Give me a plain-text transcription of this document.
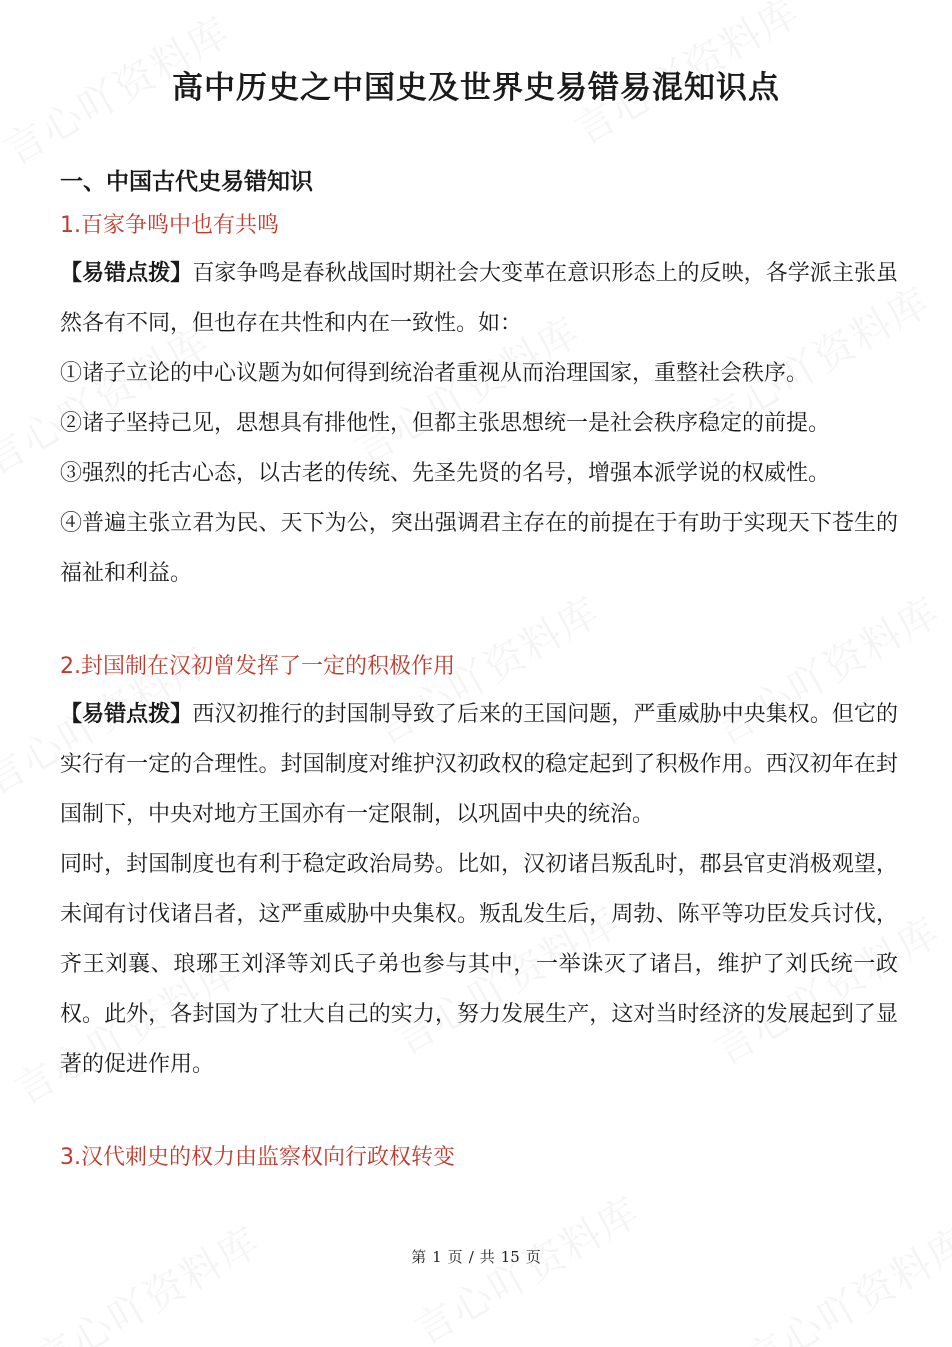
高中历史之中国史及世界史易错易混知识点

一、中国古代史易错知识

1.百家争鸣中也有共鸣

【易错点拨】百家争鸣是春秋战国时期社会大变革在意识形态上的反映，各学派主张虽然各有不同，但也存在共性和内在一致性。如：

①诸子立论的中心议题为如何得到统治者重视从而治理国家，重整社会秩序。

②诸子坚持己见，思想具有排他性，但都主张思想统一是社会秩序稳定的前提。

③强烈的托古心态，以古老的传统、先圣先贤的名号，增强本派学说的权威性。

④普遍主张立君为民、天下为公，突出强调君主存在的前提在于有助于实现天下苍生的福祉和利益。

2.封国制在汉初曾发挥了一定的积极作用

【易错点拨】西汉初推行的封国制导致了后来的王国问题，严重威胁中央集权。但它的实行有一定的合理性。封国制度对维护汉初政权的稳定起到了积极作用。西汉初年在封国制下，中央对地方王国亦有一定限制，以巩固中央的统治。

同时，封国制度也有利于稳定政治局势。比如，汉初诸吕叛乱时，郡县官吏消极观望，未闻有讨伐诸吕者，这严重威胁中央集权。叛乱发生后，周勃、陈平等功臣发兵讨伐，齐王刘襄、琅琊王刘泽等刘氏子弟也参与其中，一举诛灭了诸吕，维护了刘氏统一政权。此外，各封国为了壮大自己的实力，努力发展生产，这对当时经济的发展起到了显著的促进作用。

3.汉代刺史的权力由监察权向行政权转变

第 1 页 / 共 15 页
